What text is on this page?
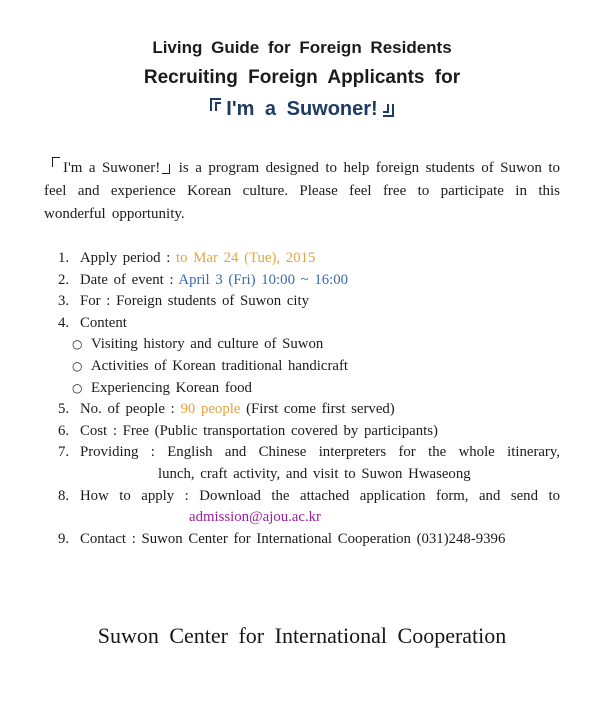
Living Guide for Foreign Residents
Recruiting Foreign Applicants for
I'm a Suwoner!

I'm a Suwoner! is a program designed to help foreign students of Suwon to feel and experience Korean culture. Please feel free to participate in this wonderful opportunity.

1. Apply period : to Mar 24 (Tue), 2015
2. Date of event : April 3 (Fri) 10:00 ~ 16:00
3. For : Foreign students of Suwon city
4. Content
○ Visiting history and culture of Suwon
○ Activities of Korean traditional handicraft
○ Experiencing Korean food
5. No. of people : 90 people (First come first served)
6. Cost : Free (Public transportation covered by participants)
7. Providing : English and Chinese interpreters for the whole itinerary,
lunch, craft activity, and visit to Suwon Hwaseong
8. How to apply : Download the attached application form, and send to
admission@ajou.ac.kr
9. Contact : Suwon Center for International Cooperation (031)248-9396
Suwon Center for International Cooperation
